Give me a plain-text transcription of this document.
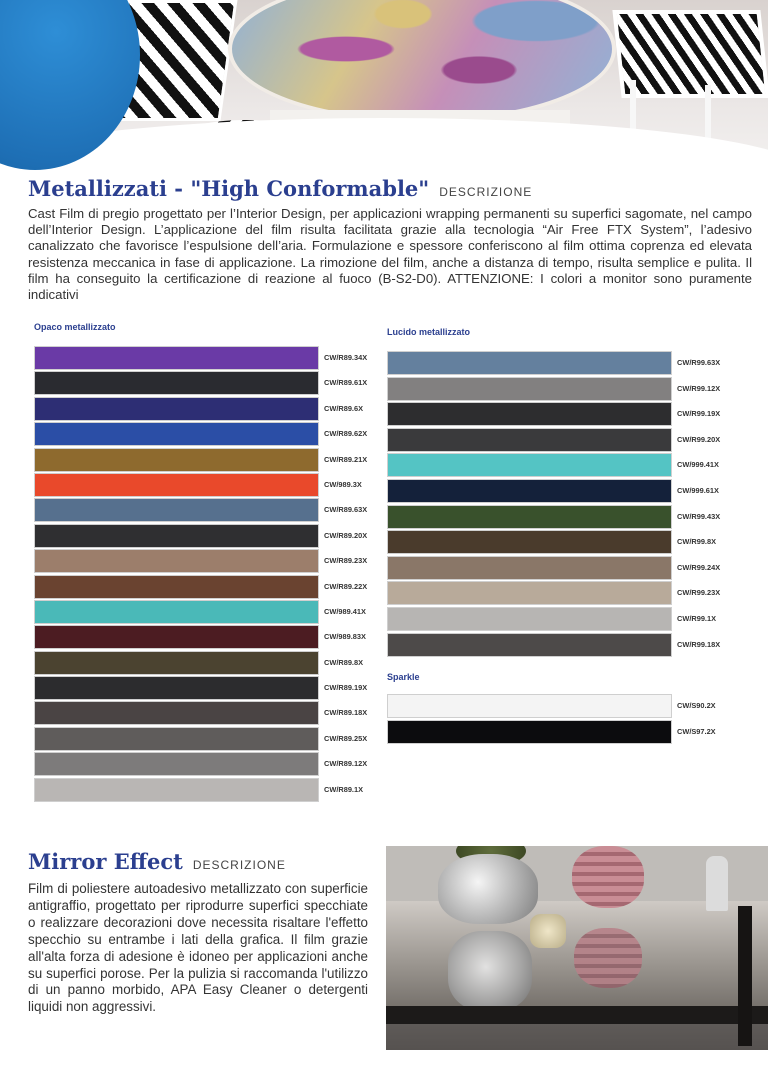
Metallizzati - "High Conformable" DESCRIZIONE

Cast Film di pregio progettato per l’Interior Design, per applicazioni wrapping permanenti su superfici sagomate, nel campo dell’Interior Design. L’applicazione del film risulta facilitata grazie alla tecnologia “Air Free FTX System”, l’adesivo canalizzato che favorisce l’espulsione dell’aria. Formulazione e spessore conferiscono al film ottima coprenza ed elevata resistenza meccanica in fase di applicazione. La rimozione del film, anche a distanza di tempo, risulta semplice e pulita. Il film ha conseguito la certificazione di reazione al fuoco (B-S2-D0). ATTENZIONE: I colori a monitor sono puramente indicativi

Opaco metallizzato
CW/R89.34X
CW/R89.61X
CW/R89.6X
CW/R89.62X
CW/R89.21X
CW/989.3X
CW/R89.63X
CW/R89.20X
CW/R89.23X
CW/R89.22X
CW/989.41X
CW/989.83X
CW/R89.8X
CW/R89.19X
CW/R89.18X
CW/R89.25X
CW/R89.12X
CW/R89.1X
Lucido metallizzato
CW/R99.63X
CW/R99.12X
CW/R99.19X
CW/R99.20X
CW/999.41X
CW/999.61X
CW/R99.43X
CW/R99.8X
CW/R99.24X
CW/R99.23X
CW/R99.1X
CW/R99.18X
Sparkle
CW/S90.2X
CW/S97.2X
Mirror Effect DESCRIZIONE

Film di poliestere autoadesivo metallizzato con superficie antigraffio, progettato per riprodurre superfici specchiate o realizzare decorazioni dove necessita risaltare l'effetto specchio su entrambe i lati della grafica. Il film grazie all'alta forza di adesione è idoneo per applicazioni anche su superfici porose. Per la pulizia si raccomanda l'utilizzo di un panno morbido, APA Easy Cleaner o detergenti liquidi non aggressivi.
